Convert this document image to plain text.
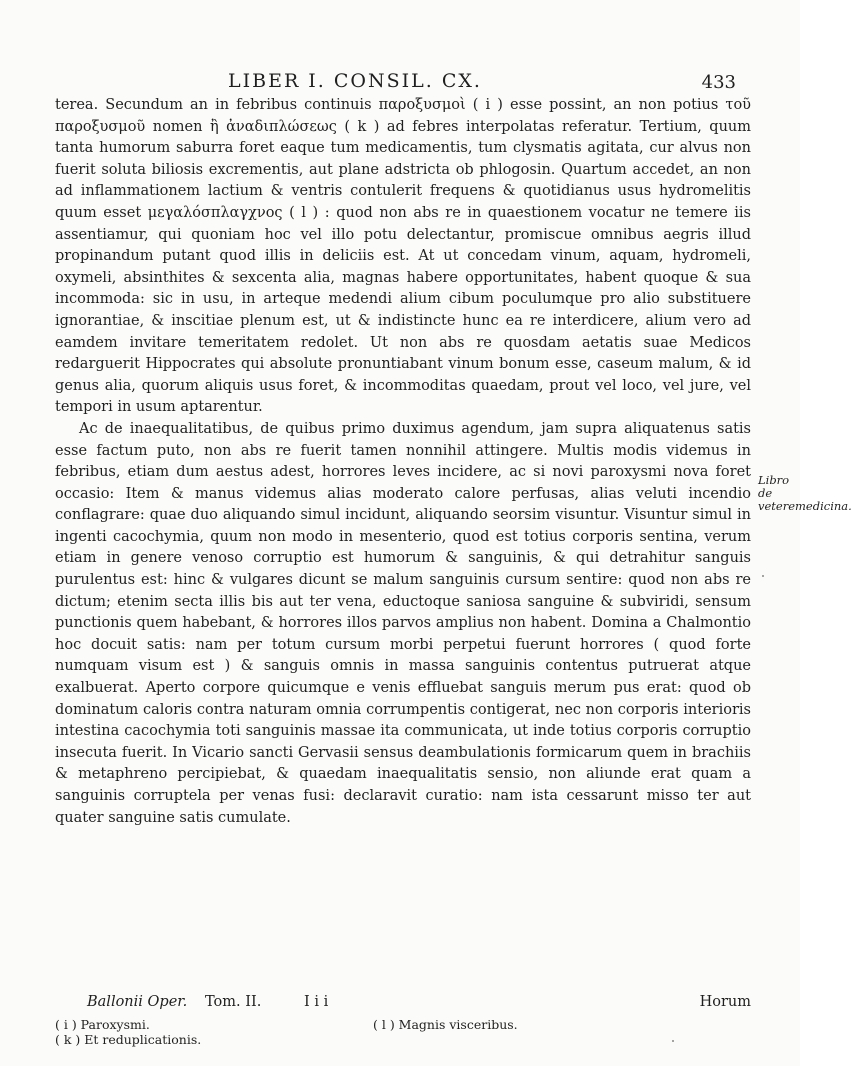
LIBER I. CONSIL. CX.	433

terea. Secundum an in febribus continuis παροξυσμοὶ ( i ) esse possint, an non potius τοῦ παροξυσμοῦ nomen ἢ ἀναδιπλώσεως ( k ) ad febres interpolatas referatur. Tertium, quum tanta humorum saburra foret eaque tum medicamentis, tum clysmatis agitata, cur alvus non fuerit soluta biliosis excrementis, aut plane adstricta ob phlogosin. Quartum accedet, an non ad inflammationem lactium & ventris contulerit frequens & quotidianus usus hydromelitis quum esset μεγαλόσπλαγχνος ( l ) : quod non abs re in quaestionem vocatur ne temere iis assentiamur, qui quoniam hoc vel illo potu delectantur, promiscue omnibus aegris illud propinandum putant quod illis in deliciis est. At ut concedam vinum, aquam, hydromeli, oxymeli, absinthites & sexcenta alia, magnas habere opportunitates, habent quoque & sua incommoda: sic in usu, in arteque medendi alium cibum poculumque pro alio substituere ignorantiae, & inscitiae plenum est, ut & indistincte hunc ea re interdicere, alium vero ad eamdem invitare temeritatem redolet. Ut non abs re quosdam aetatis suae Medicos redarguerit Hippocrates qui absolute pronuntiabant vinum bonum esse, caseum malum, & id genus alia, quorum aliquis usus foret, & incommoditas quaedam, prout vel loco, vel jure, vel tempori in usum aptarentur.

Ac de inaequalitatibus, de quibus primo duximus agendum, jam supra aliquatenus satis esse factum puto, non abs re fuerit tamen nonnihil attingere. Multis modis videmus in febribus, etiam dum aestus adest, horrores leves incidere, ac si novi paroxysmi nova foret occasio: Item & manus videmus alias moderato calore perfusas, alias veluti incendio conflagrare: quae duo aliquando simul incidunt, aliquando seorsim visuntur. Visuntur simul in ingenti cacochymia, quum non modo in mesenterio, quod est totius corporis sentina, verum etiam in genere venoso corruptio est humorum & sanguinis, & qui detrahitur sanguis purulentus est: hinc & vulgares dicunt se malum sanguinis cursum sentire: quod non abs re dictum; etenim secta illis bis aut ter vena, eductoque saniosa sanguine & subviridi, sensum punctionis quem habebant, & horrores illos parvos amplius non habent. Domina a Chalmontio hoc docuit satis: nam per totum cursum morbi perpetui fuerunt horrores ( quod forte numquam visum est ) & sanguis omnis in massa sanguinis contentus putruerat atque exalbuerat. Aperto corpore quicumque e venis effluebat sanguis merum pus erat: quod ob dominatum caloris contra naturam omnia corrumpentis contigerat, nec non corporis interioris intestina cacochymia toti sanguinis massae ita communicata, ut inde totius corporis corruptio insecuta fuerit. In Vicario sancti Gervasii sensus deambulationis formicarum quem in brachiis & metaphreno percipiebat, & quaedam inaequalitatis sensio, non aliunde erat quam a sanguinis corruptela per venas fusi: declaravit curatio: nam ista cessarunt misso ter aut quater sanguine satis cumulate.

Libro de veteremedicina.
Ballonii Oper. Tom. II.	I i i	Horum
( i ) Paroxysmi.
( k ) Et reduplicationis.
( l ) Magnis visceribus.
